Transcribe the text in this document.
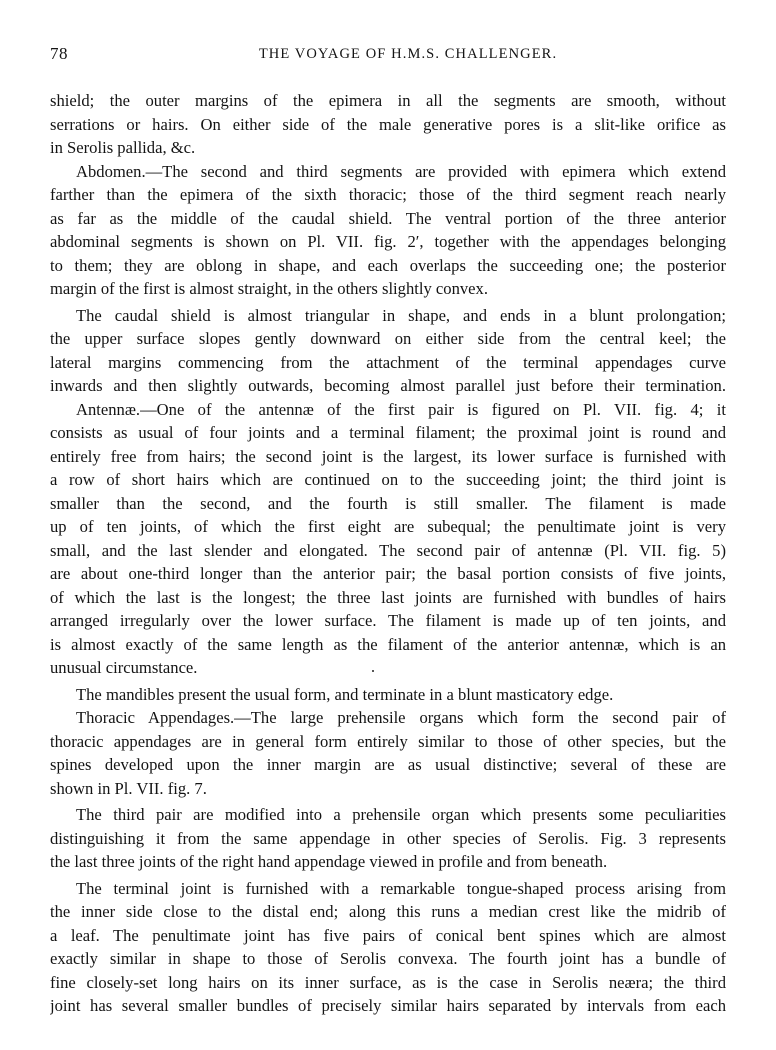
78	THE VOYAGE OF H.M.S. CHALLENGER.
shield; the outer margins of the epimera in all the segments are smooth, without
serrations or hairs. On either side of the male generative pores is a slit-like orifice as
in Serolis pallida, &c.
Abdomen.—The second and third segments are provided with epimera which extend
farther than the epimera of the sixth thoracic; those of the third segment reach nearly
as far as the middle of the caudal shield. The ventral portion of the three anterior
abdominal segments is shown on Pl. VII. fig. 2′, together with the appendages belonging
to them; they are oblong in shape, and each overlaps the succeeding one; the posterior
margin of the first is almost straight, in the others slightly convex.
The caudal shield is almost triangular in shape, and ends in a blunt prolongation;
the upper surface slopes gently downward on either side from the central keel; the
lateral margins commencing from the attachment of the terminal appendages curve
inwards and then slightly outwards, becoming almost parallel just before their termination.
Antennæ.—One of the antennæ of the first pair is figured on Pl. VII. fig. 4; it
consists as usual of four joints and a terminal filament; the proximal joint is round and
entirely free from hairs; the second joint is the largest, its lower surface is furnished with
a row of short hairs which are continued on to the succeeding joint; the third joint is
smaller than the second, and the fourth is still smaller. The filament is made
up of ten joints, of which the first eight are subequal; the penultimate joint is very
small, and the last slender and elongated. The second pair of antennæ (Pl. VII. fig. 5)
are about one-third longer than the anterior pair; the basal portion consists of five joints,
of which the last is the longest; the three last joints are furnished with bundles of hairs
arranged irregularly over the lower surface. The filament is made up of ten joints, and
is almost exactly of the same length as the filament of the anterior antennæ, which is an
unusual circumstance.
The mandibles present the usual form, and terminate in a blunt masticatory edge.
Thoracic Appendages.—The large prehensile organs which form the second pair of
thoracic appendages are in general form entirely similar to those of other species, but the
spines developed upon the inner margin are as usual distinctive; several of these are
shown in Pl. VII. fig. 7.
The third pair are modified into a prehensile organ which presents some peculiarities
distinguishing it from the same appendage in other species of Serolis. Fig. 3 represents
the last three joints of the right hand appendage viewed in profile and from beneath.
The terminal joint is furnished with a remarkable tongue-shaped process arising from
the inner side close to the distal end; along this runs a median crest like the midrib of
a leaf. The penultimate joint has five pairs of conical bent spines which are almost
exactly similar in shape to those of Serolis convexa. The fourth joint has a bundle of
fine closely-set long hairs on its inner surface, as is the case in Serolis neæra; the third
joint has several smaller bundles of precisely similar hairs separated by intervals from each
